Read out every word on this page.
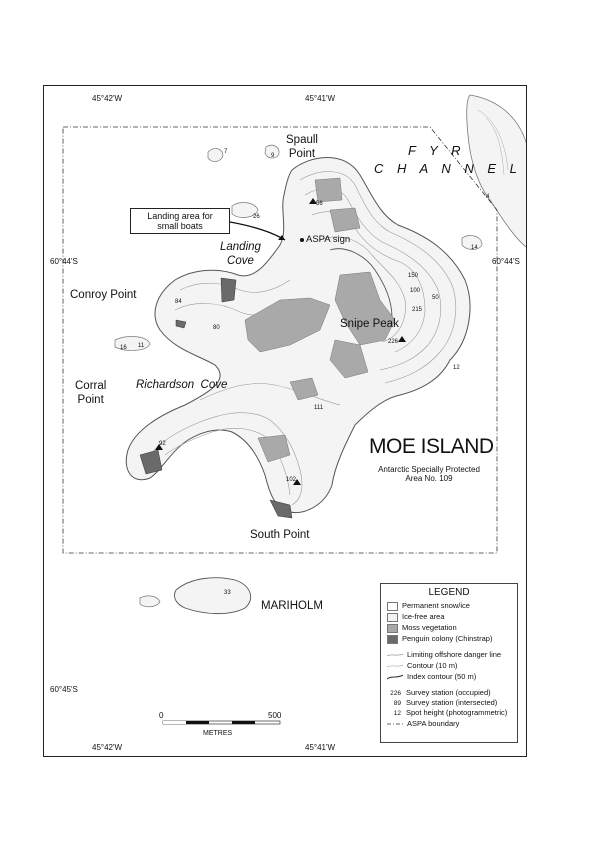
45°42'W	45°41'W
60°44'S	60°44'S
60°45'S
45°42'W	45°41'W
Spaull
Point	F Y R
C H A N N E L
Landing area for
small boats
Landing
Cove
ASPA sign
Conroy Point
Snipe Peak
Corral
Point
Richardson  Cove
South Point
MARIHOLM
MOE ISLAND
Antarctic Specially Protected
Area No. 109
56
26
14
84
80
16 11
226
215
12
111
92
102
33
7
9
4
150
100
50
0	500
METRES
LEGEND
Permanent snow/ice
Ice-free area
Moss vegetation
Penguin colony (Chinstrap)
Limiting offshore danger line
Contour (10 m)
Index contour (50 m)
226 Survey station (occupied)
89 Survey station (intersected)
12 Spot height (photogrammetric)
ASPA boundary
